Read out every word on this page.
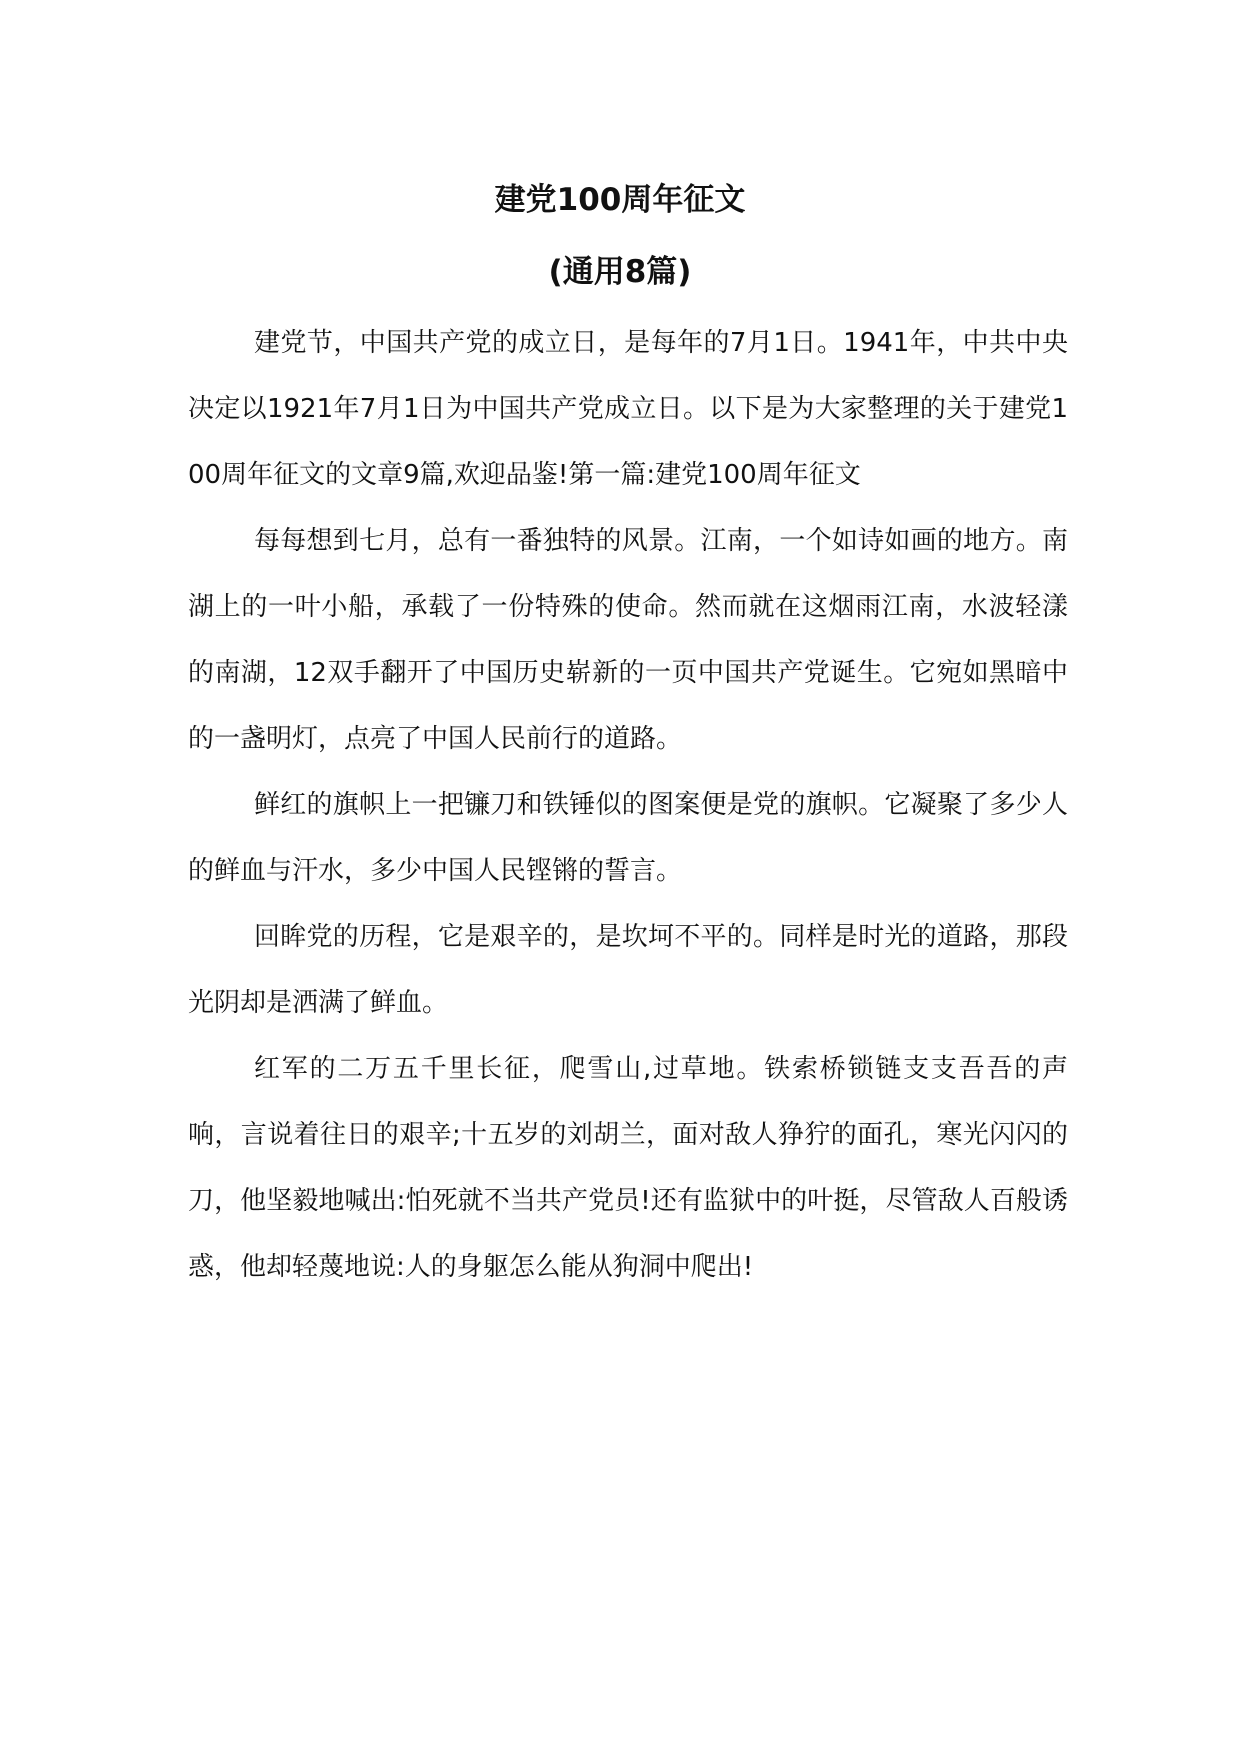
建党100周年征文
(通用8篇)

建党节，中国共产党的成立日，是每年的7月1日。1941年，中共中央决定以1921年7月1日为中国共产党成立日。以下是为大家整理的关于建党100周年征文的文章9篇,欢迎品鉴!第一篇:建党100周年征文

每每想到七月，总有一番独特的风景。江南，一个如诗如画的地方。南湖上的一叶小船，承载了一份特殊的使命。然而就在这烟雨江南，水波轻漾的南湖，12双手翻开了中国历史崭新的一页中国共产党诞生。它宛如黑暗中的一盏明灯，点亮了中国人民前行的道路。

鲜红的旗帜上一把镰刀和铁锤似的图案便是党的旗帜。它凝聚了多少人的鲜血与汗水，多少中国人民铿锵的誓言。

回眸党的历程，它是艰辛的，是坎坷不平的。同样是时光的道路，那段光阴却是洒满了鲜血。

红军的二万五千里长征，爬雪山,过草地。铁索桥锁链支支吾吾的声响，言说着往日的艰辛;十五岁的刘胡兰，面对敌人狰狞的面孔，寒光闪闪的刀，他坚毅地喊出:怕死就不当共产党员!还有监狱中的叶挺，尽管敌人百般诱惑，他却轻蔑地说:人的身躯怎么能从狗洞中爬出!
